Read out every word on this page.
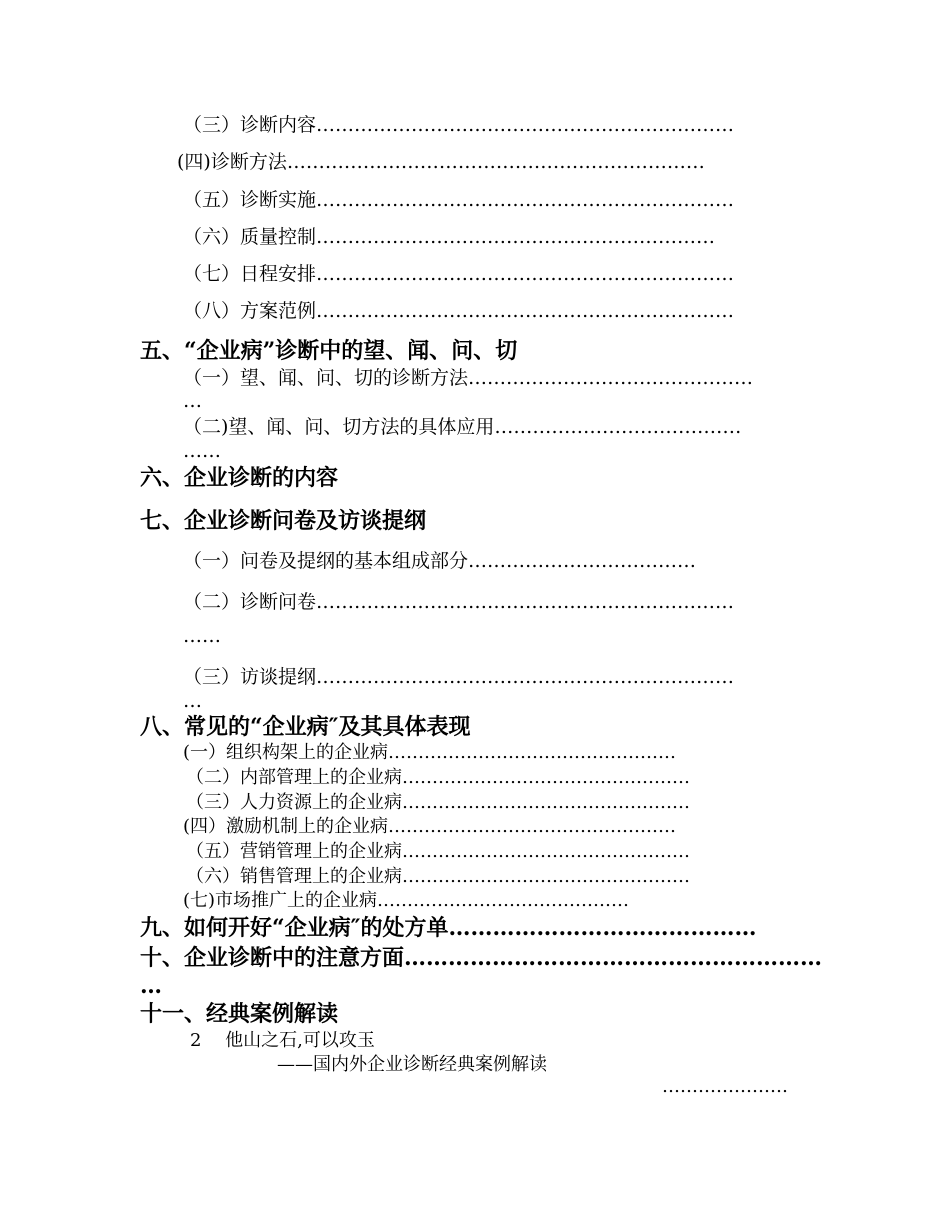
（三）诊断内容…………………………………………………………
(四)诊断方法…………………………………………………………
（五）诊断实施…………………………………………………………
（六）质量控制………………………………………………………
（七）日程安排…………………………………………………………
（八）方案范例…………………………………………………………
五、“企业病”诊断中的望、闻、问、切
（一）望、闻、问、切的诊断方法………………………………………
…
（二)望、闻、问、切方法的具体应用…………………………………
……
六、企业诊断的内容
七、企业诊断问卷及访谈提纲
（一）问卷及提纲的基本组成部分………………………………
（二）诊断问卷…………………………………………………………
……
（三）访谈提纲…………………………………………………………
…
八、常见的“企业病″及其具体表现
(一）组织构架上的企业病…………………………………………
（二）内部管理上的企业病…………………………………………
（三）人力资源上的企业病…………………………………………
(四）激励机制上的企业病…………………………………………
（五）营销管理上的企业病…………………………………………
（六）销售管理上的企业病…………………………………………
(七)市场推广上的企业病……………………………………
九、如何开好“企业病″的处方单……………………………………
十、企业诊断中的注意方面…………………………………………………
…
十一、经典案例解读
2　 他山之石,可以攻玉
——国内外企业诊断经典案例解读
…………………
